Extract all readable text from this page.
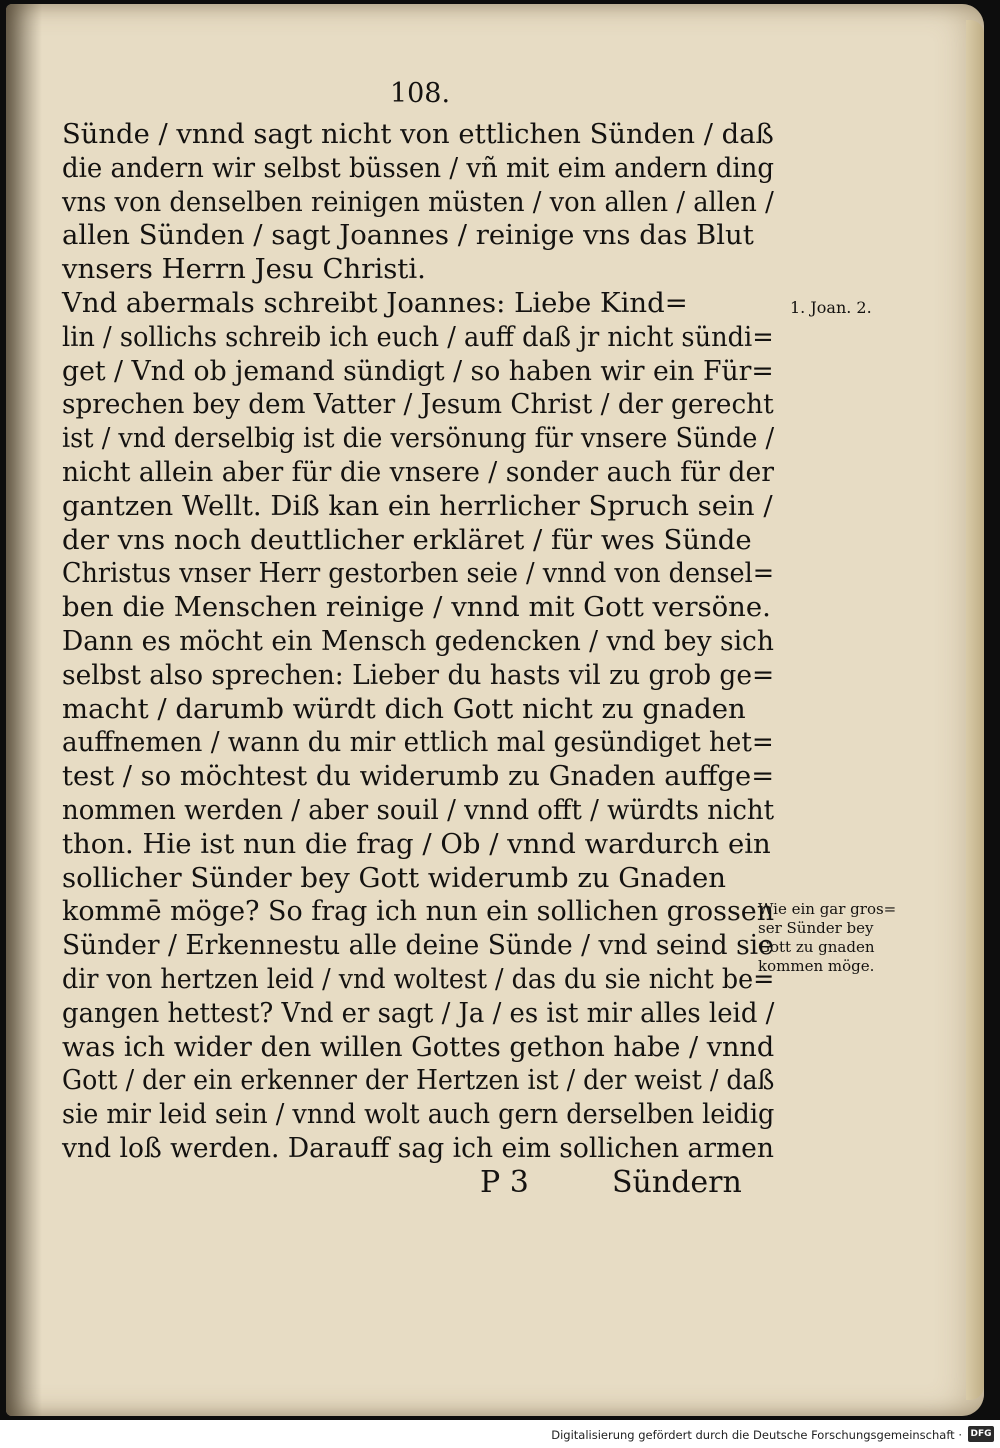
108.
Sünde / vnnd sagt nicht von ettlichen Sünden / daß
die andern wir selbst büssen / vñ mit eim andern ding
vns von denselben reinigen müsten / von allen / allen /
allen Sünden / sagt Joannes / reinige vns das Blut
vnsers Herrn Jesu Christi.
Vnd abermals schreibt Joannes: Liebe Kind=
lin / sollichs schreib ich euch / auff daß jr nicht sündi=
get / Vnd ob jemand sündigt / so haben wir ein Für=
sprechen bey dem Vatter / Jesum Christ / der gerecht
ist / vnd derselbig ist die versönung für vnsere Sünde /
nicht allein aber für die vnsere / sonder auch für der
gantzen Wellt. Diß kan ein herrlicher Spruch sein /
der vns noch deuttlicher erkläret / für wes Sünde
Christus vnser Herr gestorben seie / vnnd von densel=
ben die Menschen reinige / vnnd mit Gott versöne.
Dann es möcht ein Mensch gedencken / vnd bey sich
selbst also sprechen: Lieber du hasts vil zu grob ge=
macht / darumb würdt dich Gott nicht zu gnaden
auffnemen / wann du mir ettlich mal gesündiget het=
test / so möchtest du widerumb zu Gnaden auffge=
nommen werden / aber souil / vnnd offt / würdts nicht
thon. Hie ist nun die frag / Ob / vnnd wardurch ein
sollicher Sünder bey Gott widerumb zu Gnaden
kommē möge? So frag ich nun ein sollichen grossen
Sünder / Erkennestu alle deine Sünde / vnd seind sie
dir von hertzen leid / vnd woltest / das du sie nicht be=
gangen hettest? Vnd er sagt / Ja / es ist mir alles leid /
was ich wider den willen Gottes gethon habe / vnnd
Gott / der ein erkenner der Hertzen ist / der weist / daß
sie mir leid sein / vnnd wolt auch gern derselben leidig
vnd loß werden. Darauff sag ich eim sollichen armen
P 3	Sündern
1. Joan. 2.
Wie ein gar gros=
ser Sünder bey
Gott zu gnaden
kommen möge.
Digitalisierung gefördert durch die Deutsche Forschungsgemeinschaft · DFG
